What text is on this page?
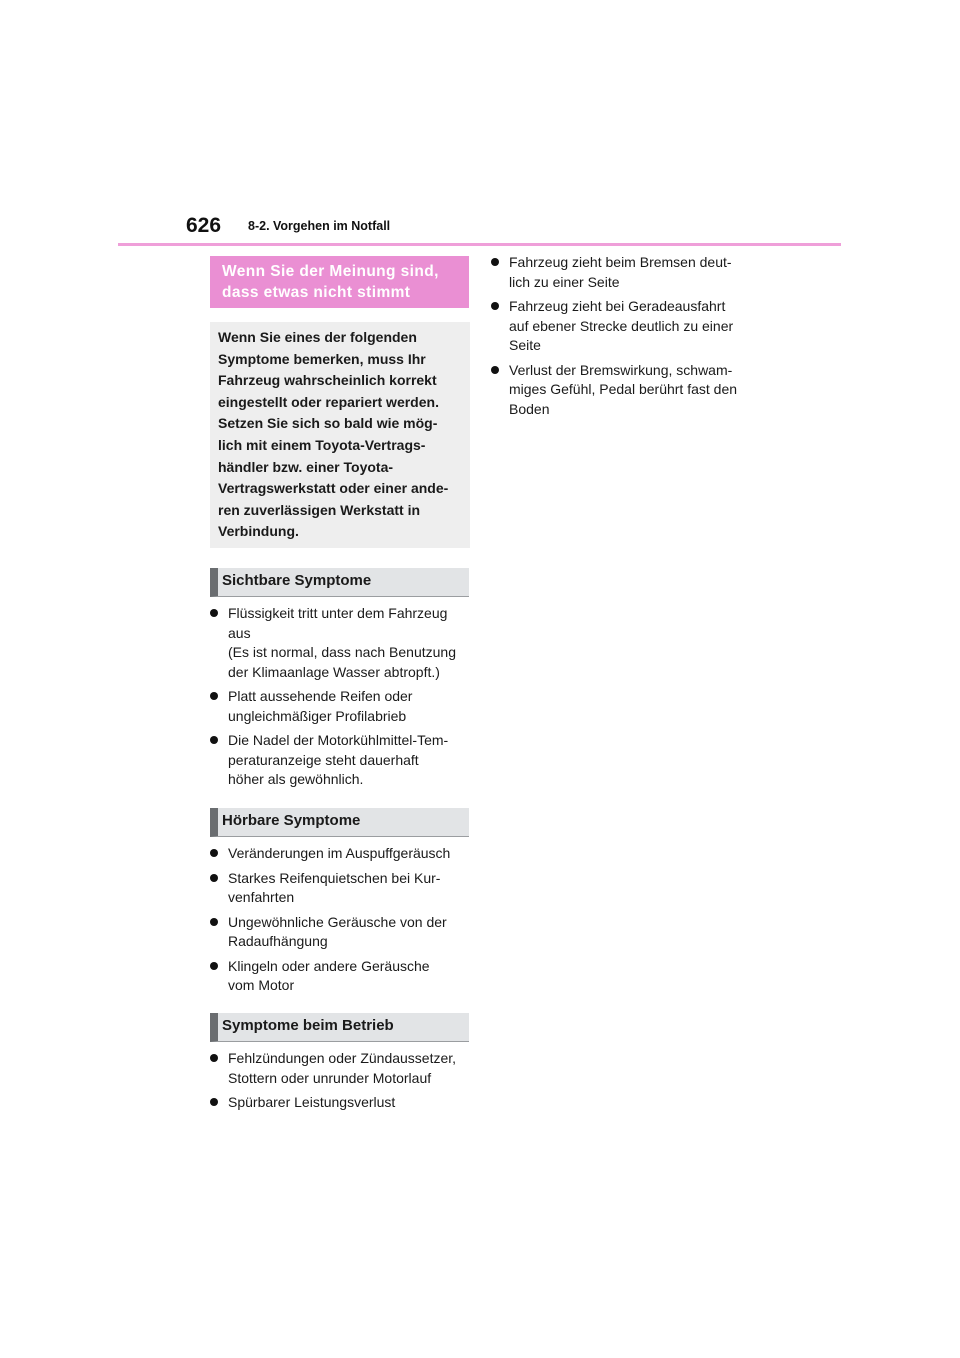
626 8-2. Vorgehen im Notfall
Wenn Sie der Meinung sind,
dass etwas nicht stimmt
Wenn Sie eines der folgenden
Symptome bemerken, muss Ihr
Fahrzeug wahrscheinlich korrekt
eingestellt oder repariert werden.
Setzen Sie sich so bald wie mög-
lich mit einem Toyota-Vertrags-
händler bzw. einer Toyota-
Vertragswerkstatt oder einer ande-
ren zuverlässigen Werkstatt in
Verbindung.
Sichtbare Symptome
Flüssigkeit tritt unter dem Fahrzeug
aus
(Es ist normal, dass nach Benutzung
der Klimaanlage Wasser abtropft.)
Platt aussehende Reifen oder
ungleichmäßiger Profilabrieb
Die Nadel der Motorkühlmittel-Tem-
peraturanzeige steht dauerhaft
höher als gewöhnlich.
Hörbare Symptome
Veränderungen im Auspuffgeräusch
Starkes Reifenquietschen bei Kur-
venfahrten
Ungewöhnliche Geräusche von der
Radaufhängung
Klingeln oder andere Geräusche
vom Motor
Symptome beim Betrieb
Fehlzündungen oder Zündaussetzer,
Stottern oder unrunder Motorlauf
Spürbarer Leistungsverlust
Fahrzeug zieht beim Bremsen deut-
lich zu einer Seite
Fahrzeug zieht bei Geradeausfahrt
auf ebener Strecke deutlich zu einer
Seite
Verlust der Bremswirkung, schwam-
miges Gefühl, Pedal berührt fast den
Boden
